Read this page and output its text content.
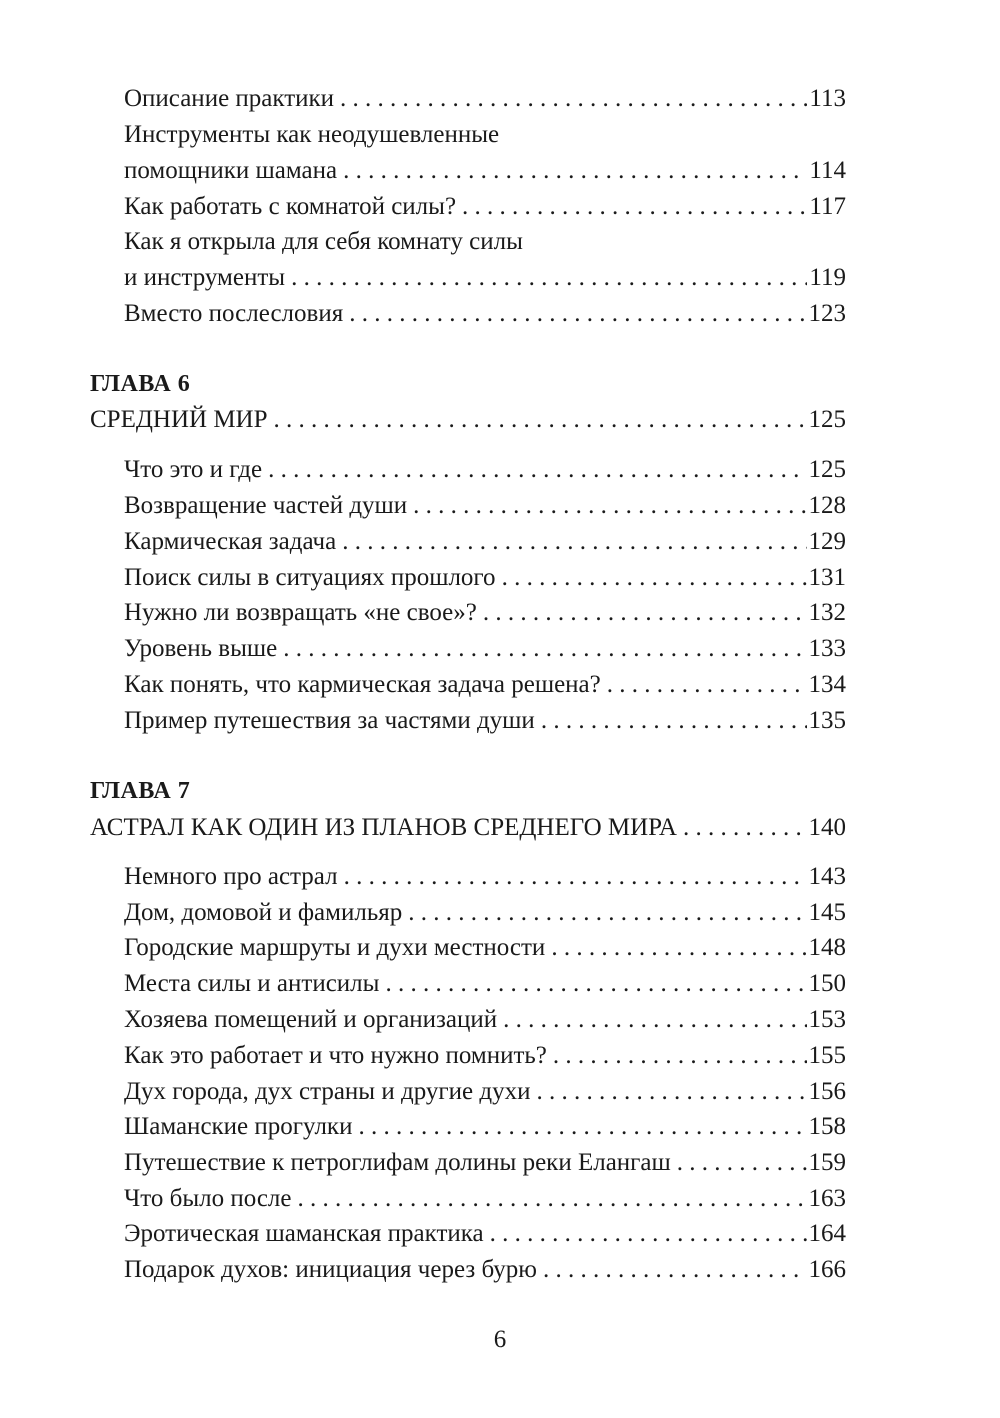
Описание практики . . .	113
Инструменты как неодушевленные
помощники шамана . . .	114
Как работать с комнатой силы? . . .	117
Как я открыла для себя комнату силы
и инструменты . . .	119
Вместо послесловия . . .	123
ГЛАВА 6
СРЕДНИЙ МИР . . .	125
Что это и где . . .	125
Возвращение частей души . . .	128
Кармическая задача . . .	129
Поиск силы в ситуациях прошлого . . .	131
Нужно ли возвращать «не свое»? . . .	132
Уровень выше . . .	133
Как понять, что кармическая задача решена? . . .	134
Пример путешествия за частями души . . .	135
ГЛАВА 7
АСТРАЛ КАК ОДИН ИЗ ПЛАНОВ СРЕДНЕГО МИРА . . .	140
Немного про астрал . . .	143
Дом, домовой и фамильяр . . .	145
Городские маршруты и духи местности . . .	148
Места силы и антисилы . . .	150
Хозяева помещений и организаций . . .	153
Как это работает и что нужно помнить? . . .	155
Дух города, дух страны и другие духи . . .	156
Шаманские прогулки . . .	158
Путешествие к петроглифам долины реки Елангаш . . .	159
Что было после . . .	163
Эротическая шаманская практика . . .	164
Подарок духов: инициация через бурю . . .	166
6
